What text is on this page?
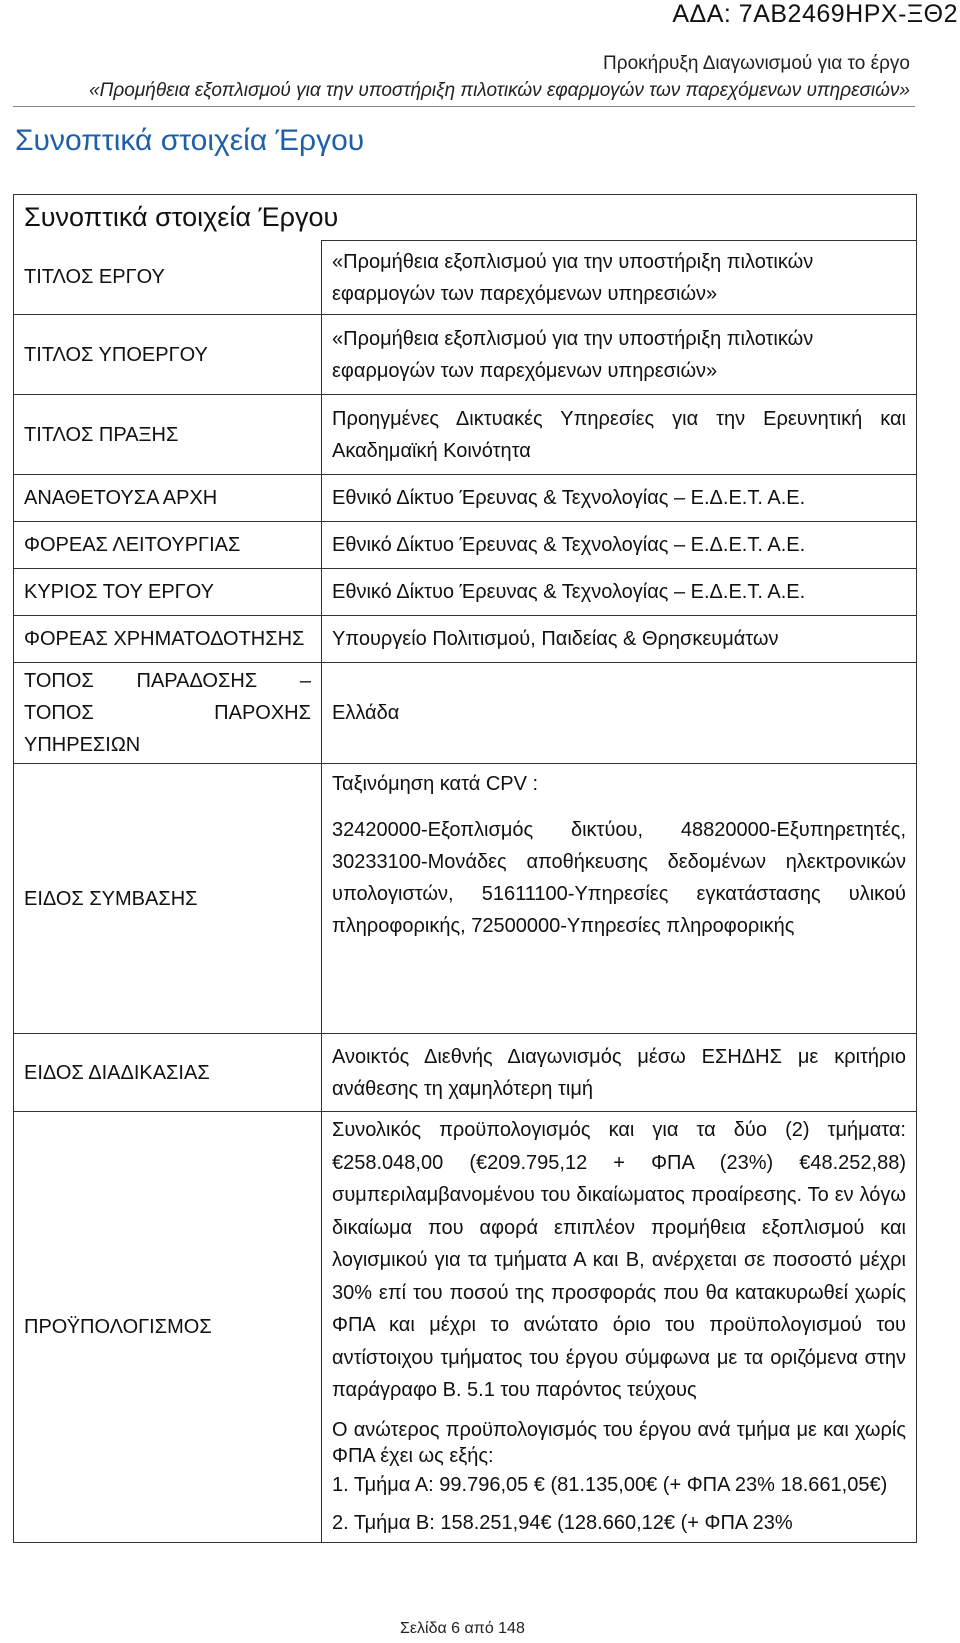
ΑΔΑ: 7ΑΒ2469ΗΡΧ-ΞΘ2
Προκήρυξη Διαγωνισμού για το έργο
«Προμήθεια εξοπλισμού για την υποστήριξη πιλοτικών εφαρμογών των παρεχόμενων υπηρεσιών»
Συνοπτικά στοιχεία Έργου
Συνοπτικά στοιχεία Έργου	
ΤΙΤΛΟΣ ΕΡΓΟΥ	«Προμήθεια εξοπλισμού για την υποστήριξη πιλοτικών εφαρμογών των παρεχόμενων υπηρεσιών»
ΤΙΤΛΟΣ ΥΠΟΕΡΓΟΥ	«Προμήθεια εξοπλισμού για την υποστήριξη πιλοτικών εφαρμογών των παρεχόμενων υπηρεσιών»
ΤΙΤΛΟΣ ΠΡΑΞΗΣ	Προηγμένες Δικτυακές Υπηρεσίες για την Ερευνητική και Ακαδημαϊκή Κοινότητα
ΑΝΑΘΕΤΟΥΣΑ ΑΡΧΗ	Εθνικό Δίκτυο Έρευνας & Τεχνολογίας – Ε.Δ.Ε.Τ. Α.Ε.
ΦΟΡΕΑΣ ΛΕΙΤΟΥΡΓΙΑΣ	Εθνικό Δίκτυο Έρευνας & Τεχνολογίας – Ε.Δ.Ε.Τ. Α.Ε.
ΚΥΡΙΟΣ ΤΟΥ ΕΡΓΟΥ	Εθνικό Δίκτυο Έρευνας & Τεχνολογίας – Ε.Δ.Ε.Τ. Α.Ε.
ΦΟΡΕΑΣ ΧΡΗΜΑΤΟΔΟΤΗΣΗΣ	Υπουργείο Πολιτισμού, Παιδείας & Θρησκευμάτων
ΤΟΠΟΣ ΠΑΡΑΔΟΣΗΣ – ΤΟΠΟΣ ΠΑΡΟΧΗΣ ΥΠΗΡΕΣΙΩΝ	Ελλάδα
ΕΙΔΟΣ ΣΥΜΒΑΣΗΣ	Ταξινόμηση κατά CPV :

32420000-Εξοπλισμός δικτύου, 48820000-Εξυπηρετητές, 30233100-Μονάδες αποθήκευσης δεδομένων ηλεκτρονικών υπολογιστών, 51611100-Υπηρεσίες εγκατάστασης υλικού πληροφορικής, 72500000-Υπηρεσίες πληροφορικής

ΕΙΔΟΣ ΔΙΑΔΙΚΑΣΙΑΣ	Ανοικτός Διεθνής Διαγωνισμός μέσω ΕΣΗΔΗΣ με κριτήριο ανάθεσης τη χαμηλότερη τιμή
ΠΡΟΫΠΟΛΟΓΙΣΜΟΣ	Συνολικός προϋπολογισμός και για τα δύο (2) τμήματα: €258.048,00 (€209.795,12 + ΦΠΑ (23%) €48.252,88) συμπεριλαμβανομένου του δικαίωματος προαίρεσης. Το εν λόγω δικαίωμα που αφορά επιπλέον προμήθεια εξοπλισμού και λογισμικού για τα τμήματα Α και Β, ανέρχεται σε ποσοστό μέχρι 30% επί του ποσού της προσφοράς που θα κατακυρωθεί χωρίς ΦΠΑ και μέχρι το ανώτατο όριο του προϋπολογισμού του αντίστοιχου τμήματος του έργου σύμφωνα με τα οριζόμενα στην παράγραφο Β. 5.1 του παρόντος τεύχους

Ο ανώτερος προϋπολογισμός του έργου ανά τμήμα με και χωρίς ΦΠΑ έχει ως εξής:

1. Τμήμα Α: 99.796,05 € (81.135,00€ (+ ΦΠΑ 23% 18.661,05€)

2. Τμήμα Β: 158.251,94€ (128.660,12€ (+ ΦΠΑ 23%

Σελίδα 6 από 148
